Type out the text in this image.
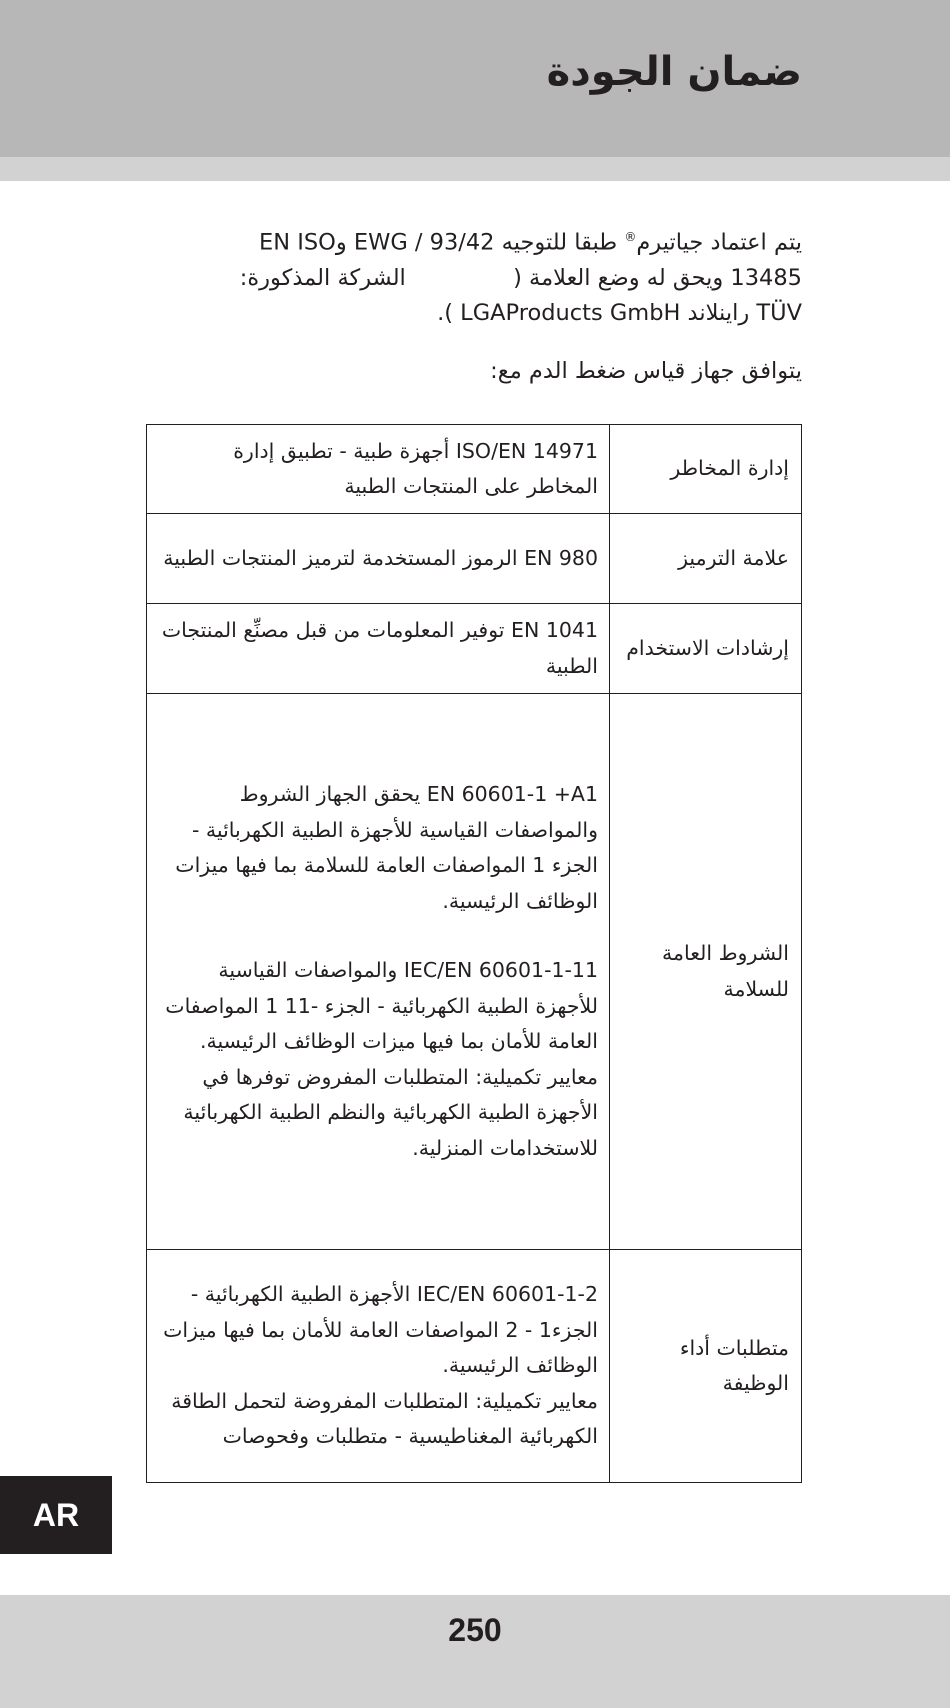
ضمان الجودة
يتم اعتماد جياتيرم® طبقا للتوجيه EWG / 93/42 وEN ISO
13485 ويحق له وضع العلامة (               الشركة المذكورة:
TÜV راينلاند LGAProducts GmbH ).
يتوافق جهاز قياس ضغط الدم مع:
إدارة المخاطر	ISO/EN 14971 أجهزة طبية - تطبيق إدارة المخاطر على المنتجات الطبية

علامة الترميز	EN 980 الرموز المستخدمة لترميز المنتجات الطبية

إرشادات الاستخدام	EN 1041 توفير المعلومات من قبل مصنِّع المنتجات الطبية

الشروط العامة للسلامة	EN 60601-1 +A1 يحقق الجهاز الشروط والمواصفات القياسية للأجهزة الطبية الكهربائية - الجزء 1 المواصفات العامة للسلامة بما فيها ميزات الوظائف الرئيسية.
IEC/EN 60601-1-11 والمواصفات القياسية للأجهزة الطبية الكهربائية - الجزء -11 1 المواصفات العامة للأمان بما فيها ميزات الوظائف الرئيسية.
معايير تكميلية: المتطلبات المفروض توفرها في الأجهزة الطبية الكهربائية والنظم الطبية الكهربائية للاستخدامات المنزلية.

متطلبات أداء الوظيفة	IEC/EN 60601-1-2 الأجهزة الطبية الكهربائية - الجزء1 - 2 المواصفات العامة للأمان بما فيها ميزات الوظائف الرئيسية.
معايير تكميلية: المتطلبات المفروضة لتحمل الطاقة الكهربائية المغناطيسية - متطلبات وفحوصات
AR
250
